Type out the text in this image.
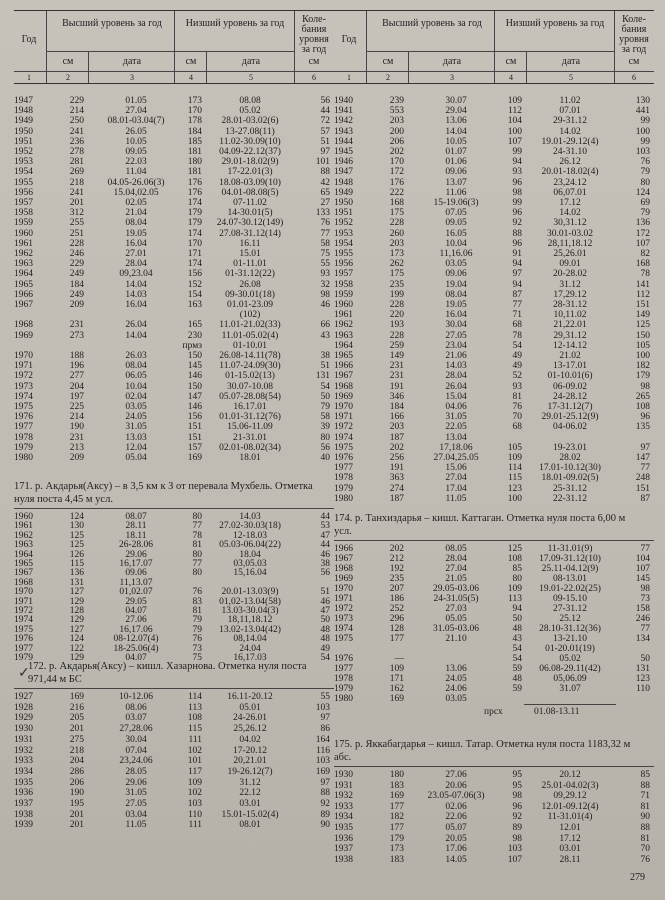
Год
Высший уровень за год	Низший уровень за год	Коле-бания уровня за год
см	дата	см	дата	см
1	2	3	4	5	6
1947	229	01.05	173	08.08	56
1948	214	27.04	170	05.02	44
1949	250	08.01-03.04(7)	178	28.01-03.02(6)	72
1950	241	26.05	184	13-27.08(11)	57
1951	236	10.05	185	11.02-30.09(10)	51
1952	278	09.05	181	04.09-22.12(37)	97
1953	281	22.03	180	29.01-18.02(9)	101
1954	269	11.04	181	17-22.01(3)	88
1955	218	04.05-26.06(3)	176	18.08-03.09(10)	42
1956	241	15.04,02.05	176	04.01-08.08(5)	65
1957	201	02.05	174	07-11.02	27
1958	312	21.04	179	14-30.01(5)	133
1959	255	08.04	179	24.07-30.12(149)	76
1960	251	19.05	174	27.08-31.12(14)	77
1961	228	16.04	170	16.11	58
1962	246	27.01	171	15.01	75
1963	229	28.04	174	01-11.01	55
1964	249	09,23.04	156	01-31.12(22)	93
1965	184	14.04	152	26.08	32
1966	249	14.03	154	09-30.01(18)	98
1967	209	16.04	163	01.01-23.09	46
(102)
1968	231	26.04	165	11.01-21.02(33)	66
1969	273	14.04	230	11.01-05.02(4)	43
прмз	01-10.01
1970	188	26.03	150	26.08-14.11(78)	38
1971	196	08.04	145	11.07-24.09(30)	51
1972	277	06.05	146	01-15.02(13)	131
1973	204	10.04	150	30.07-10.08	54
1974	197	02.04	147	05.07-28.08(54)	50
1975	225	03.05	146	16.17.01	79
1976	214	24.05	156	01.01-31.12(76)	58
1977	190	31.05	151	15.06-11.09	39
1978	231	13.03	151	21-31.01	80
1979	213	12.04	157	02.01-08.02(34)	56
1980	209	05.04	169	18.01	40
171. р. Акдарья(Аксу) – в 3,5 км к З от перевала Мухбель. Отметка нуля поста 4,45 м усл.
1960	124	08.07	80	14.03	44
1961	130	28.11	77	27.02-30.03(18)	53
1962	125	18.11	78	12-18.03	47
1963	125	26-28.06	81	05.03-06.04(22)	44
1964	126	29.06	80	18.04	46
1965	115	16,17.07	77	03,05.03	38
1967	136	09.06	80	15,16.04	56
1968	131	11,13.07
1970	127	01,02.07	76	20.01-13.03(9)	51
1971	129	29.05	83	01,02-13.04(58)	46
1972	128	04.07	81	13.03-30.04(3)	47
1974	129	27.06	79	18,11,18.12	50
1975	127	16,17.06	79	13.02-13.04(42)	48
1976	124	08-12.07(4)	76	08,14.04	48
1977	122	18-25.06(4)	73	24.04	49
1979	129	04.07	75	16,17.03	54
✓
172. р. Акдарья(Аксу) – кишл. Хазарнова. Отметка нуля поста 971,44 м БС
1927	169	10-12.06	114	16.11-20.12	55
1928	216	08.06	113	05.01	103
1929	205	03.07	108	24-26.01	97
1930	201	27,28.06	115	25,26.12	86
1931	275	30.04	111	04.02	164
1932	218	07.04	102	17-20.12	116
1933	204	23,24.06	101	20,21.01	103
1934	286	28.05	117	19-26.12(7)	169
1935	206	29.06	109	31.12	97
1936	190	31.05	102	22.12	88
1937	195	27.05	103	03.01	92
1938	201	03.04	110	15.01-15.02(4)	89
1939	201	11.05	111	08.01	90
Год
Высший уровень за год	Низший уровень за год	Коле-бания уровня за год
см	дата	см	дата	см
1	2	3	4	5	6
1940	239	30.07	109	11.02	130
1941	553	29.04	112	07.01	441
1942	203	13.06	104	29-31.12	99
1943	200	14.04	100	14.02	100
1944	206	10.05	107	19.01-29.12(4)	99
1945	202	01.07	99	24-31.10	103
1946	170	01.06	94	26.12	76
1947	172	09.06	93	20.01-18.02(4)	79
1948	176	13.07	96	23,24.12	80
1949	222	11.06	98	06,07.01	124
1950	168	15-19.06(3)	99	17.12	69
1951	175	07.05	96	14.02	79
1952	228	09.05	92	30,31.12	136
1953	260	16.05	88	30.01-03.02	172
1954	203	10.04	96	28,11,18.12	107
1955	173	11,16.06	91	25,26.01	82
1956	262	03.05	94	09.01	168
1957	175	09.06	97	20-28.02	78
1958	235	19.04	94	31.12	141
1959	199	08.04	87	17,29.12	112
1960	228	19.05	77	28-31.12	151
1961	220	16.04	71	10,11.02	149
1962	193	30.04	68	21,22.01	125
1963	228	27.05	78	29,31.12	150
1964	259	23.04	54	12-14.12	105
1965	149	21.06	49	21.02	100
1966	231	14.03	49	13-17.01	182
1967	231	28.04	52	01-10.01(6)	179
1968	191	26.04	93	06-09.02	98
1969	346	15.04	81	24-28.12	265
1970	184	04.06	76	17-31.12(7)	108
1971	166	31.05	70	29.01-25.12(9)	96
1972	203	22.05	68	04-06.02	135
1974	187	13.04
1975	202	17,18.06	105	19-23.01	97
1976	256	27.04,25.05	109	28.02	147
1977	191	15.06	114	17.01-10.12(30)	77
1978	363	27.04	115	18.01-09.02(5)	248
1979	274	17.04	123	25-31.12	151
1980	187	11.05	100	22-31.12	87
174. р. Танхиздарья – кишл. Каттаган. Отметка нуля поста 6,00 м усл.
1966	202	08.05	125	11-31.01(9)	77
1967	212	28.04	108	17.09-31.12(10)	104
1968	192	27.04	85	25.11-04.12(9)	107
1969	235	21.05	80	08-13.01	145
1970	207	29.05-03.06	109	19.01-22.02(25)	98
1971	186	24-31.05(5)	113	09-15.10	73
1972	252	27.03	94	27-31.12	158
1973	296	05.05	50	25.12	246
1974	128	31.05-03.06	48	28.10-31.12(36)	77
1975	177	21.10	43	13-21.10	134
54	01-20.01(19)
1976	—	54	05.02	50
1977	109	13.06	59	06.08-29.11(42)	131
1978	171	24.05	48	05,06.09	123
1979	162	24.06	59	31.07	110
1980	169	03.05
прсх	01.08-13.11
175. р. Яккабагдарья – кишл. Татар. Отметка нуля поста 1183,32 м абс.
1930	180	27.06	95	20.12	85
1931	183	20.06	95	25.01-04.02(3)	88
1932	169	23.05-07.06(3)	98	09,29.12	71
1933	177	02.06	96	12.01-09.12(4)	81
1934	182	22.06	92	11-31.01(4)	90
1935	177	05.07	89	12.01	88
1936	179	20.05	98	17.12	81
1937	173	17.06	103	03.01	70
1938	183	14.05	107	28.11	76
279
